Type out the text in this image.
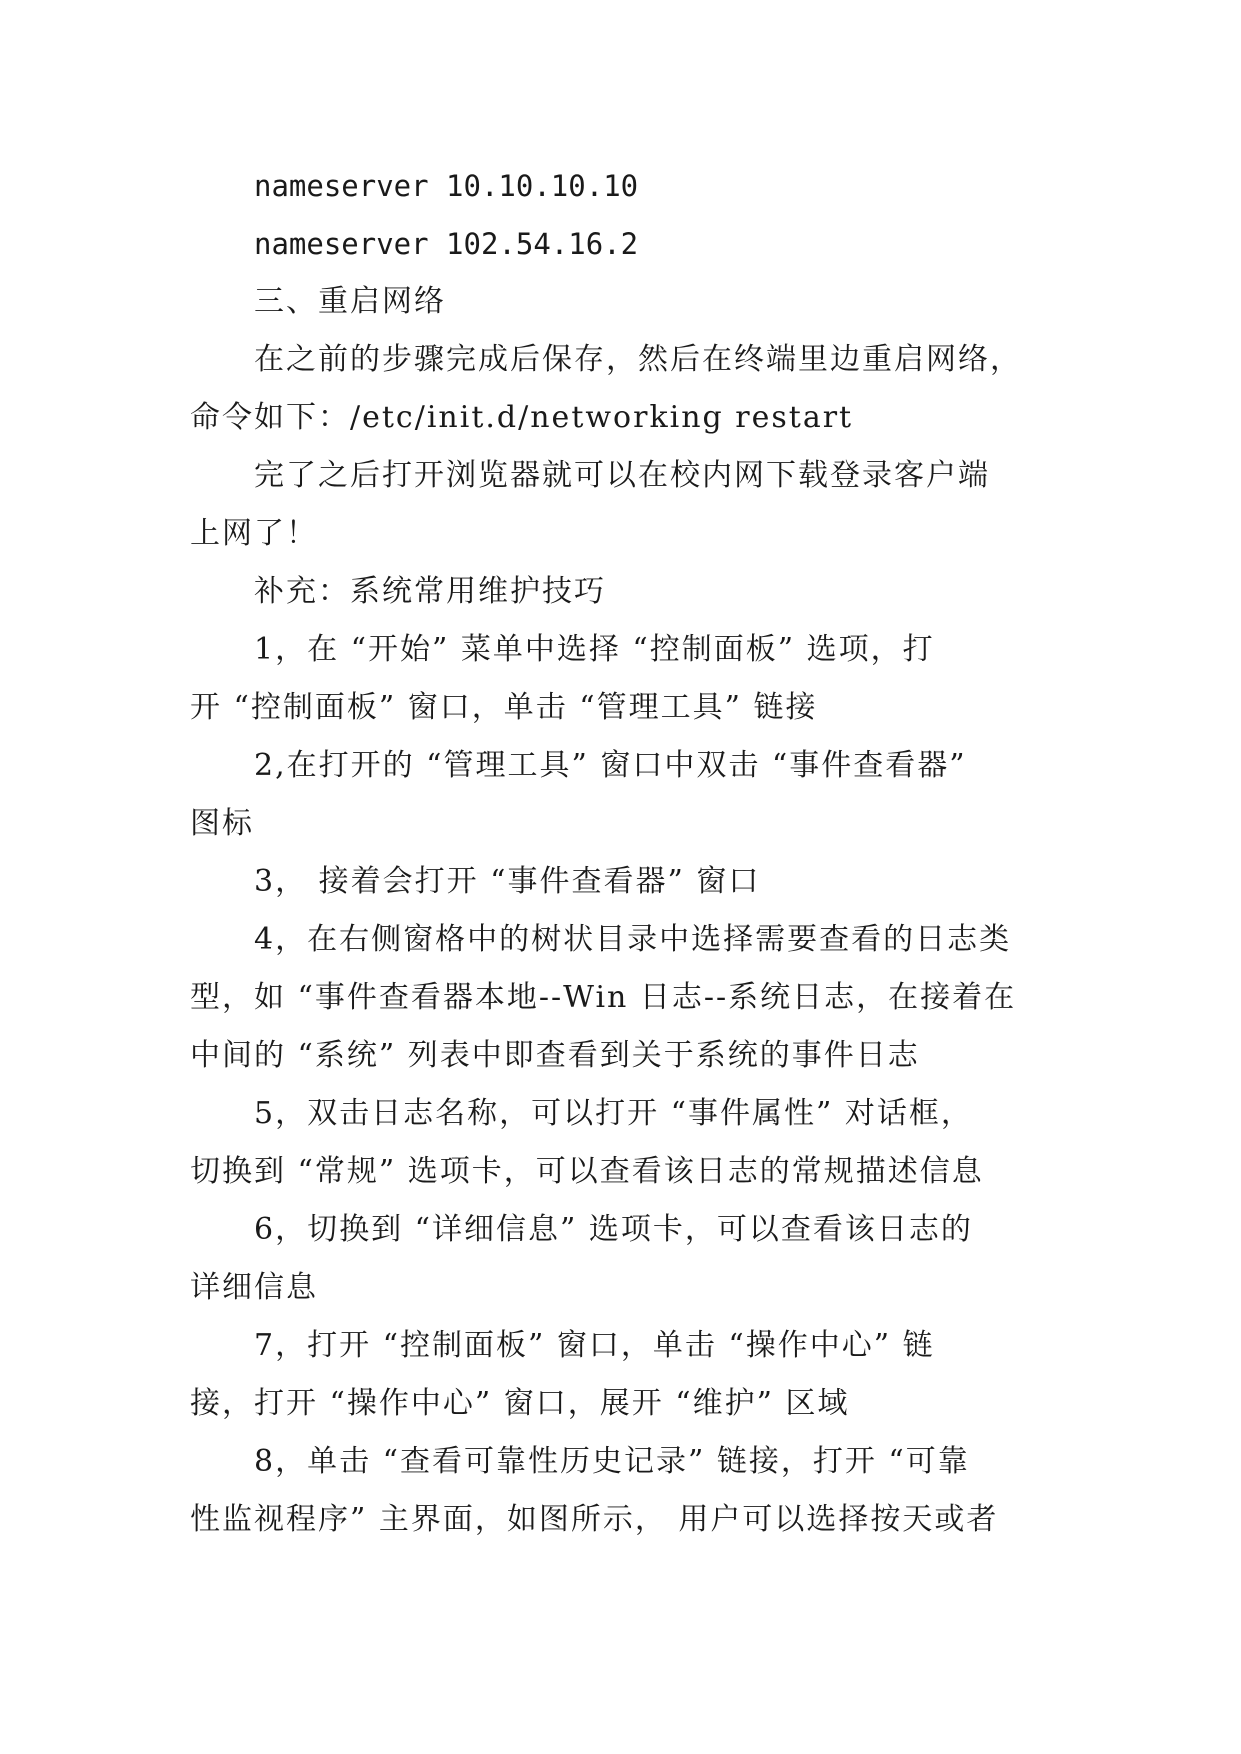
nameserver 10.10.10.10
nameserver 102.54.16.2
三、重启网络
在之前的步骤完成后保存，然后在终端里边重启网络，
命令如下：/etc/init.d/networking restart
完了之后打开浏览器就可以在校内网下载登录客户端
上网了！
补充：系统常用维护技巧
1，在 “开始” 菜单中选择 “控制面板” 选项，打
开 “控制面板” 窗口，单击 “管理工具” 链接
2,在打开的 “管理工具” 窗口中双击 “事件查看器”
图标
3， 接着会打开 “事件查看器” 窗口
4，在右侧窗格中的树状目录中选择需要查看的日志类
型，如 “事件查看器本地--Win 日志--系统日志，在接着在
中间的 “系统” 列表中即查看到关于系统的事件日志
5，双击日志名称，可以打开 “事件属性” 对话框，
切换到 “常规” 选项卡，可以查看该日志的常规描述信息
6，切换到 “详细信息” 选项卡，可以查看该日志的
详细信息
7，打开 “控制面板” 窗口，单击 “操作中心” 链
接，打开 “操作中心” 窗口，展开 “维护” 区域
8，单击 “查看可靠性历史记录” 链接，打开 “可靠
性监视程序” 主界面，如图所示， 用户可以选择按天或者
